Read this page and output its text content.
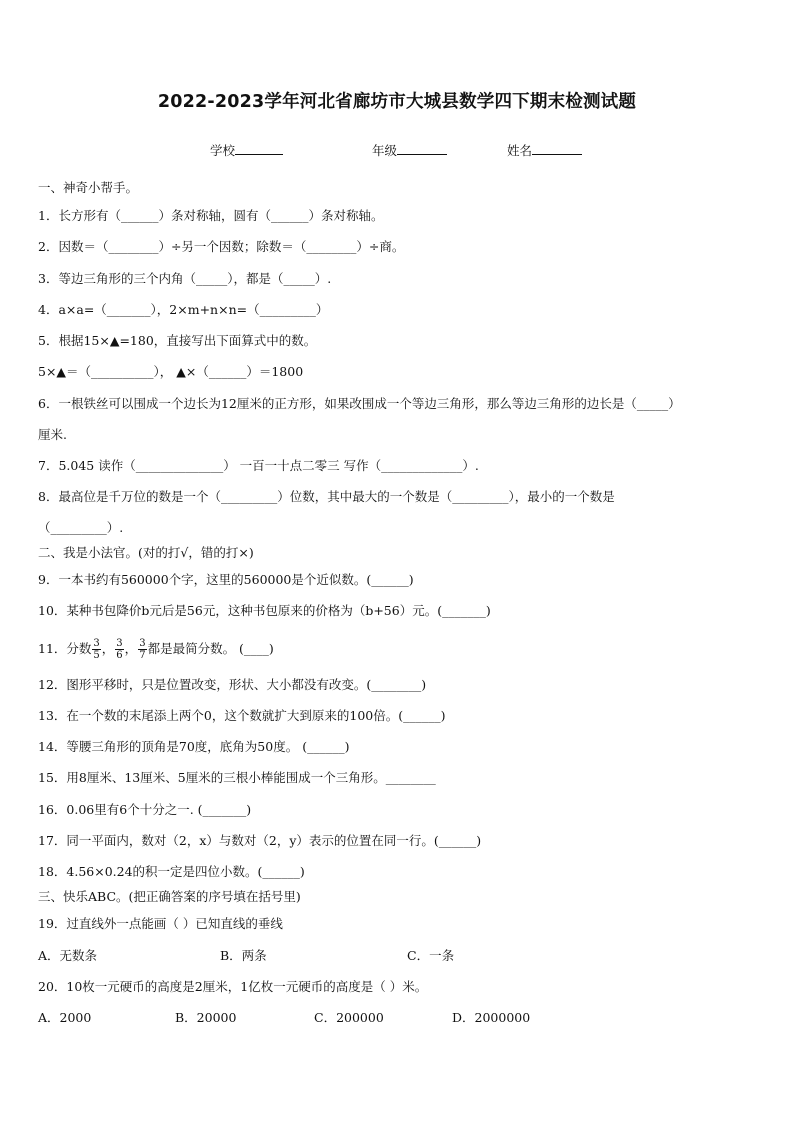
2022-2023学年河北省廊坊市大城县数学四下期末检测试题
学校	年级	姓名
一、神奇小帮手。
1．长方形有（______）条对称轴，圆有（______）条对称轴。
2．因数＝（________）÷另一个因数；除数＝（________）÷商。
3．等边三角形的三个内角（_____），都是（_____）.
4．a×a=（_______），2×m+n×n=（_________）
5．根据15×▲=180，直接写出下面算式中的数。
5×▲＝（__________）， ▲×（______）＝1800
6．一根铁丝可以围成一个边长为12厘米的正方形，如果改围成一个等边三角形，那么等边三角形的边长是（_____）
厘米.
7．5.045 读作（______________） 一百一十点二零三 写作（_____________）.
8．最高位是千万位的数是一个（_________）位数，其中最大的一个数是（_________），最小的一个数是
（_________）.
二、我是小法官。(对的打√，错的打×)
9．一本书约有560000个字，这里的560000是个近似数。(______)
10．某种书包降价b元后是56元，这种书包原来的价格为（b+56）元。(_______)
11．分数 $\frac{3}{5}$ ， $\frac{3}{6}$ ， $\frac{3}{7}$ 都是最简分数。 (____)
12．图形平移时，只是位置改变，形状、大小都没有改变。(________)
13．在一个数的末尾添上两个0，这个数就扩大到原来的100倍。(______)
14．等腰三角形的顶角是70度，底角为50度。 (______)
15．用8厘米、13厘米、5厘米的三根小棒能围成一个三角形。________
16．0.06里有6个十分之一. (_______)
17．同一平面内，数对（2，x）与数对（2，y）表示的位置在同一行。(______)
18．4.56×0.24的积一定是四位小数。(______)
三、快乐ABC。(把正确答案的序号填在括号里)
19．过直线外一点能画（ ）已知直线的垂线
A．无数条	B．两条	C．一条
20．10枚一元硬币的高度是2厘米，1亿枚一元硬币的高度是（ ）米。
A．2000	B．20000	C．200000	D．2000000
